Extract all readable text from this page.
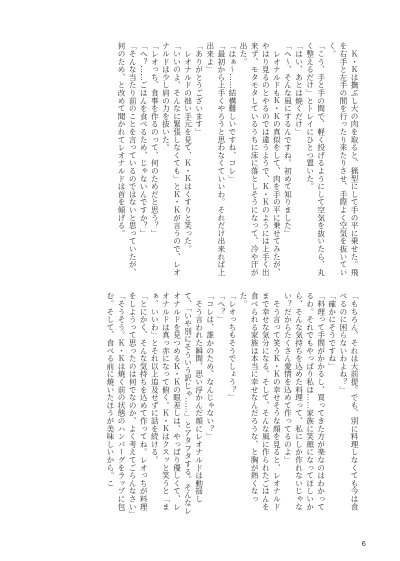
　Ｋ・Ｋは撫ぶし大の肉を取ると、猟型にして手の平に乗せた。飛を右手と左手の間を行ったり来たりさせ、手際よく空気を抜いていく。
「こう、手と手の間で、軽く投げるようにして空気を抜いたら、丸く整えるだけ」とトレイにひとつ置いた。
「はい、あとは焼くだけ」
「へ〜、そんな風にするんですね。初めて知りました」
　レオナルドもＫ・Ｋの真似をして、肉を手の平に乗せてみたが、やはり見るのとやるのでは違うようで、Ｋ・Ｋのようには上手く出来ず、モタモタしているうちに床に落としそうになって、冷や汗が出た。
「はぁ〜……結構難しいですね、コレ」
「最初から上手くやろうと思わなくていいわ。それだけ出来れば上出来よ」
「ありがとうございます」
　レオナルドの拙い手元を見て、Ｋ・Ｋはくすりと笑った。
「いいのよ。そんなに緊張しなくても」とＫ・Ｋが言うので、レオナルドは少し肩の力を抜いた。
「レオっち、食事を作るのって、何のためだと思う？」
「へ？……ごはんを食べるため、じゃないんですか？」
「そんな当たり前のことを言っているのではないと思っていたが、何のため、と改めて聞かれてレオナルドは首を傾げる。
「もちろん、それは大前提。でも、別に料理しなくても今は食べるのに困らないわよね？」
「確かにそうですね」
「料理って手間がかかるし、買ってきた方が楽なのはわかってるわ。それでもやっぱり私は……家族に笑顔になってほしいから、そんな気持ちを込めた料理って、私にしか作れないじゃない？だからたくさん愛情を込めて作ってるのよ」
　そう言って笑うＫ・Ｋの幸せそうな顔を見ると、レオナルドまで幸せな気分になる。そして、そんな風に作られたごはんを食べられる家族は本当に幸せなんだろうな、と胸が熱くなった。
「レオっちもそうでしょう？」
「へ？」
「コレは、誰かのため、なんじゃない？」
　そう言われた瞬間、思い浮かんだ顔にレオナルドは動揺して、「いや別にそういう訳じゃ……」とアタフタする。そんなレオナルドを見つめるＫ・Ｋの眼差しは、やっぱり優しくて、レオナルドは真っ赤になって俯く。Ｋ・Ｋはクスッと笑うと「まぁ、いいわ」とそれ以上追及せずに話を続ける。
「とにかく、そんな気持ちを込めて作ってね。レオっちが料理をしようって思ったのは何でなのか、よく考えてごらんなさい」
「そうそう。Ｋ・Ｋは焼く前の状態のハンバーグをラップに包む。そして、食べる前に焼いたほうが美味しいから。こ
6
